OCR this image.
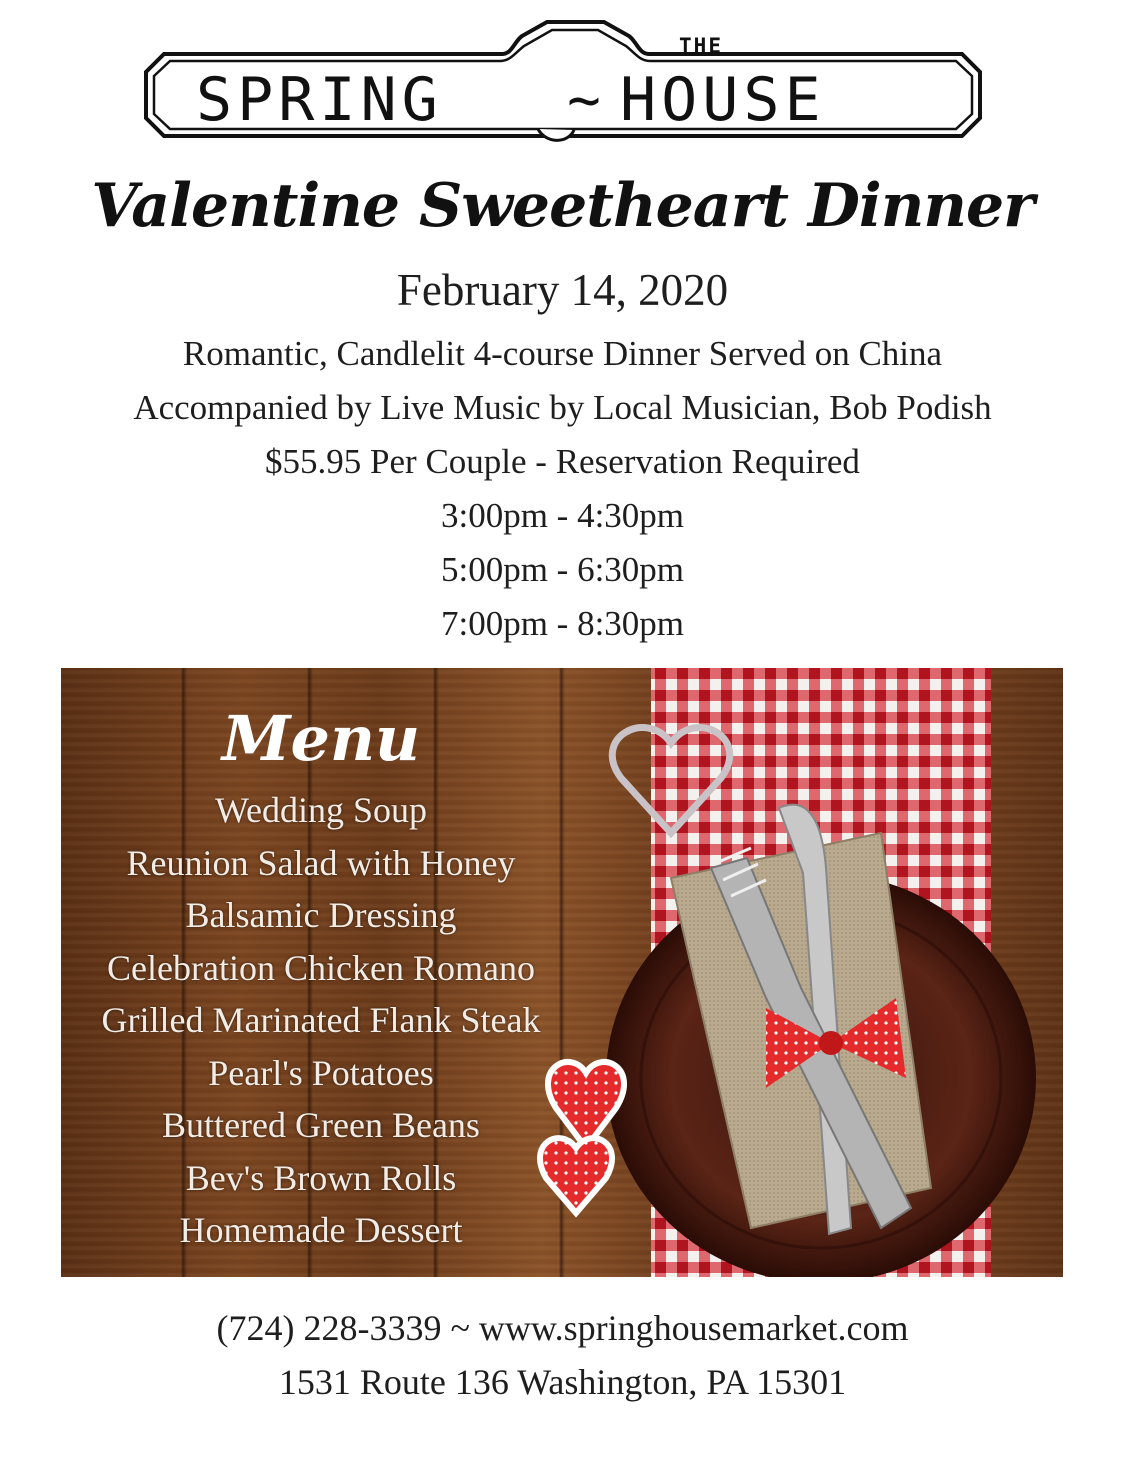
THE
SPRING	~ HOUSE
Valentine Sweetheart Dinner
February 14, 2020
Romantic, Candlelit 4-course Dinner Served on China
Accompanied by Live Music by Local Musician, Bob Podish
$55.95 Per Couple - Reservation Required
3:00pm - 4:30pm
5:00pm - 6:30pm
7:00pm - 8:30pm
Menu
Wedding Soup
Reunion Salad with Honey
Balsamic Dressing
Celebration Chicken Romano
Grilled Marinated Flank Steak
Pearl's Potatoes
Buttered Green Beans
Bev's Brown Rolls
Homemade Dessert
(724) 228-3339 ~ www.springhousemarket.com
1531 Route 136 Washington, PA 15301
